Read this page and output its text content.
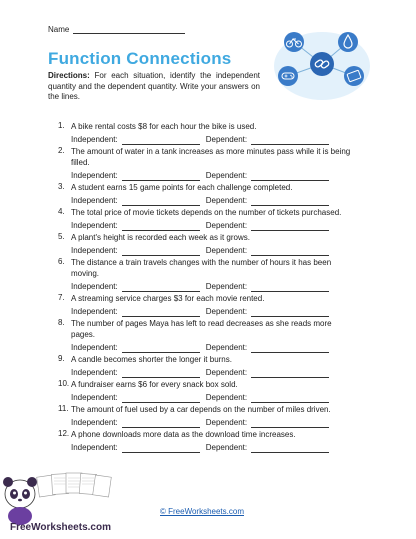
Name
Function Connections
Directions: For each situation, identify the independent quantity and the dependent quantity. Write your answers on the lines.
1. A bike rental costs $8 for each hour the bike is used.
Independent:	Dependent:
2. The amount of water in a tank increases as more minutes pass while it is being filled.
Independent:	Dependent:
3. A student earns 15 game points for each challenge completed.
Independent:	Dependent:
4. The total price of movie tickets depends on the number of tickets purchased.
Independent:	Dependent:
5. A plant's height is recorded each week as it grows.
Independent:	Dependent:
6. The distance a train travels changes with the number of hours it has been moving.
Independent:	Dependent:
7. A streaming service charges $3 for each movie rented.
Independent:	Dependent:
8. The number of pages Maya has left to read decreases as she reads more pages.
Independent:	Dependent:
9. A candle becomes shorter the longer it burns.
Independent:	Dependent:
10. A fundraiser earns $6 for every snack box sold.
Independent:	Dependent:
11. The amount of fuel used by a car depends on the number of miles driven.
Independent:	Dependent:
12. A phone downloads more data as the download time increases.
Independent:	Dependent:
FreeWorksheets.com
© FreeWorksheets.com
